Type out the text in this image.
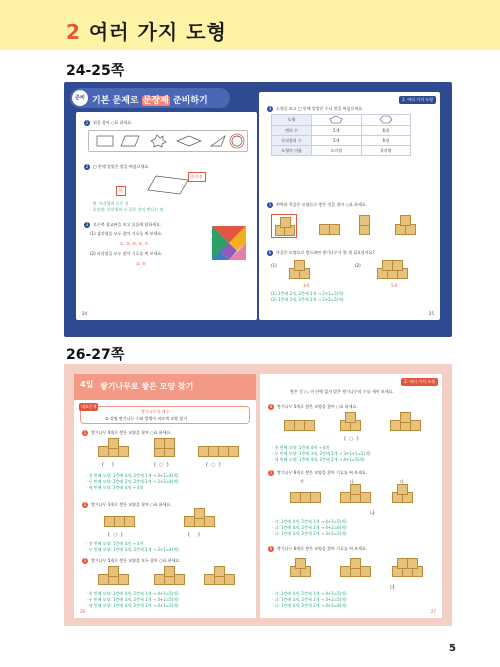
2 여러 가지 도형
24-25쪽
준비 기본 문제로 문장제 준비하기
1	원을 찾아 ○표 하세요.
2	□ 안에 알맞은 말을 써넣으세요.
꼭짓점
변
· 변: 사각형의 곧은 선
· 꼭짓점: 사각형의 두 곧은 선이 만나는 점
3	오른쪽 칠교판을 보고 물음에 답하세요.
(1) 삼각형을 모두 찾아 기호를 써 보세요.
①, ③, ④, ⑤, ⑦
(2) 사각형을 모두 찾아 기호를 써 보세요.
②, ⑥
24
2. 여러 가지 도형
4	도형을 보고 □ 안에 알맞은 수나 말을 써넣으세요.
도형		
변의 수	5개	6개
꼭짓점의 수	5개	6개
도형의 이름	오각형	육각형
5	왼쪽과 똑같은 모양으로 쌓은 것을 찾아 ○표 하세요.
6	똑같은 모양으로 쌓으려면 쌓기나무가 몇 개 필요할까요?
(1)	(2)
3개	5개
(1) 1층에 2개, 2층에 1개 → 2+1=3(개)
(2) 1층에 3개, 2층에 2개 → 3+2=5(개)
25
26-27쪽
4일 쌓기나무로 쌓은 모양 찾기
대표문제
쌓기나무의 개수
② 설명 쌓기나무 수와 방법이 바르게 모양 찾기
1	쌓기나무 4개로 쌓은 모양을 찾아 ○표 하세요.
(     )	(  ○  )	(  ○  )
· 첫 번째 모양: 1층에 3개, 2층에 1개 → 3+1=4(개)
· 두 번째 모양: 1층에 2개, 2층에 2개 → 2+2=4(개)
· 세 번째 모양: 1층에 4개 → 4개
2	쌓기나무 3개로 쌓은 모양을 찾아 ○표 하세요.
(  ○  )	(     )
· 첫 번째 모양: 1층에 3개 → 3개
· 두 번째 모양: 1층에 3개, 2층에 1개 → 3+1=4(개)
3	쌓기나무 5개로 쌓은 모양을 모두 찾아 ○표 하세요.
· 첫 번째 모양: 1층에 4개, 2층에 1개 → 4+1=5(개)
· 두 번째 모양: 1층에 3개, 2층에 2개 → 3+2=5(개)
· 세 번째 모양: 1층에 4개, 2층에 1개 → 4+1=5(개)
26
2. 여러 가지 도형
쌓은 것 ○, 이 안에 없지 않은 쌓기나무의 수를 세어 보세요.
4	쌓기나무 5개로 쌓은 모양을 찾아 ○표 하세요.
(  ○  )
· 첫 번째 모양: 1층에 4개 → 4개
· 두 번째 모양: 1층에 3개, 2층에 1개 → 3+1+1=5(개)
· 세 번째 모양: 1층에 4개, 2층에 2개 → 4+1=5(개)
5	쌓기나무 6개로 쌓은 모양을 찾아 기호를 써 보세요.
가	나	다
나
· 가: 1층에 4개, 2층에 1개 → 4+1=5(개)
· 나: 1층에 4개, 2층에 2개 → 4+2=6(개)
· 다: 1층에 3개, 2층에 2개 → 3+2=5(개)
6	쌓기나무 6개로 쌓은 모양을 찾아 기호를 써 보세요.
다
· 가: 1층에 4개, 2층에 1개 → 4+1=5(개)
· 나: 1층에 3개, 2층에 2개 → 3+2=5(개)
· 다: 1층에 4개, 2층에 2개 → 4+2=6(개)
27
5
